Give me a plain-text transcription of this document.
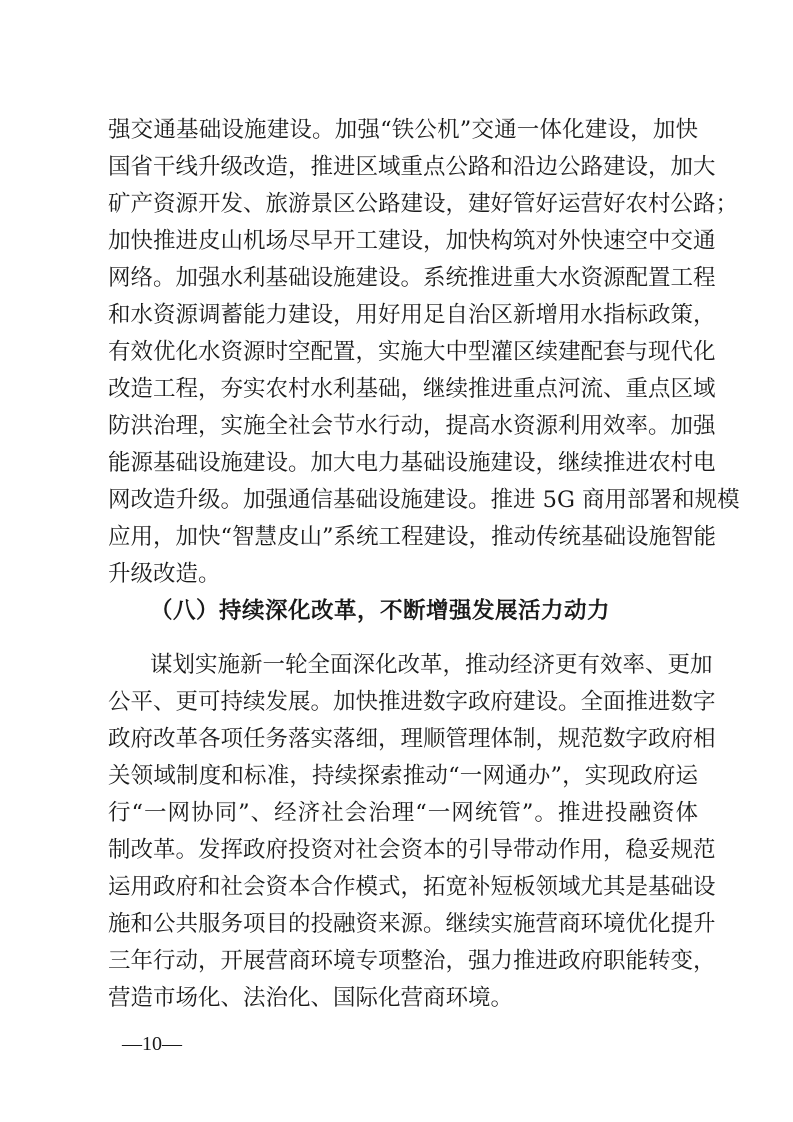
强交通基础设施建设。加强“铁公机”交通一体化建设，加快
国省干线升级改造，推进区域重点公路和沿边公路建设，加大
矿产资源开发、旅游景区公路建设，建好管好运营好农村公路；
加快推进皮山机场尽早开工建设，加快构筑对外快速空中交通
网络。加强水利基础设施建设。系统推进重大水资源配置工程
和水资源调蓄能力建设，用好用足自治区新增用水指标政策，
有效优化水资源时空配置，实施大中型灌区续建配套与现代化
改造工程，夯实农村水利基础，继续推进重点河流、重点区域
防洪治理，实施全社会节水行动，提高水资源利用效率。加强
能源基础设施建设。加大电力基础设施建设，继续推进农村电
网改造升级。加强通信基础设施建设。推进 5G 商用部署和规模
应用，加快“智慧皮山”系统工程建设，推动传统基础设施智能
升级改造。
（八）持续深化改革，不断增强发展活力动力
谋划实施新一轮全面深化改革，推动经济更有效率、更加
公平、更可持续发展。加快推进数字政府建设。全面推进数字
政府改革各项任务落实落细，理顺管理体制，规范数字政府相
关领域制度和标准，持续探索推动“一网通办”，实现政府运
行“一网协同”、经济社会治理“一网统管”。推进投融资体
制改革。发挥政府投资对社会资本的引导带动作用，稳妥规范
运用政府和社会资本合作模式，拓宽补短板领域尤其是基础设
施和公共服务项目的投融资来源。继续实施营商环境优化提升
三年行动，开展营商环境专项整治，强力推进政府职能转变，
营造市场化、法治化、国际化营商环境。
—10—
